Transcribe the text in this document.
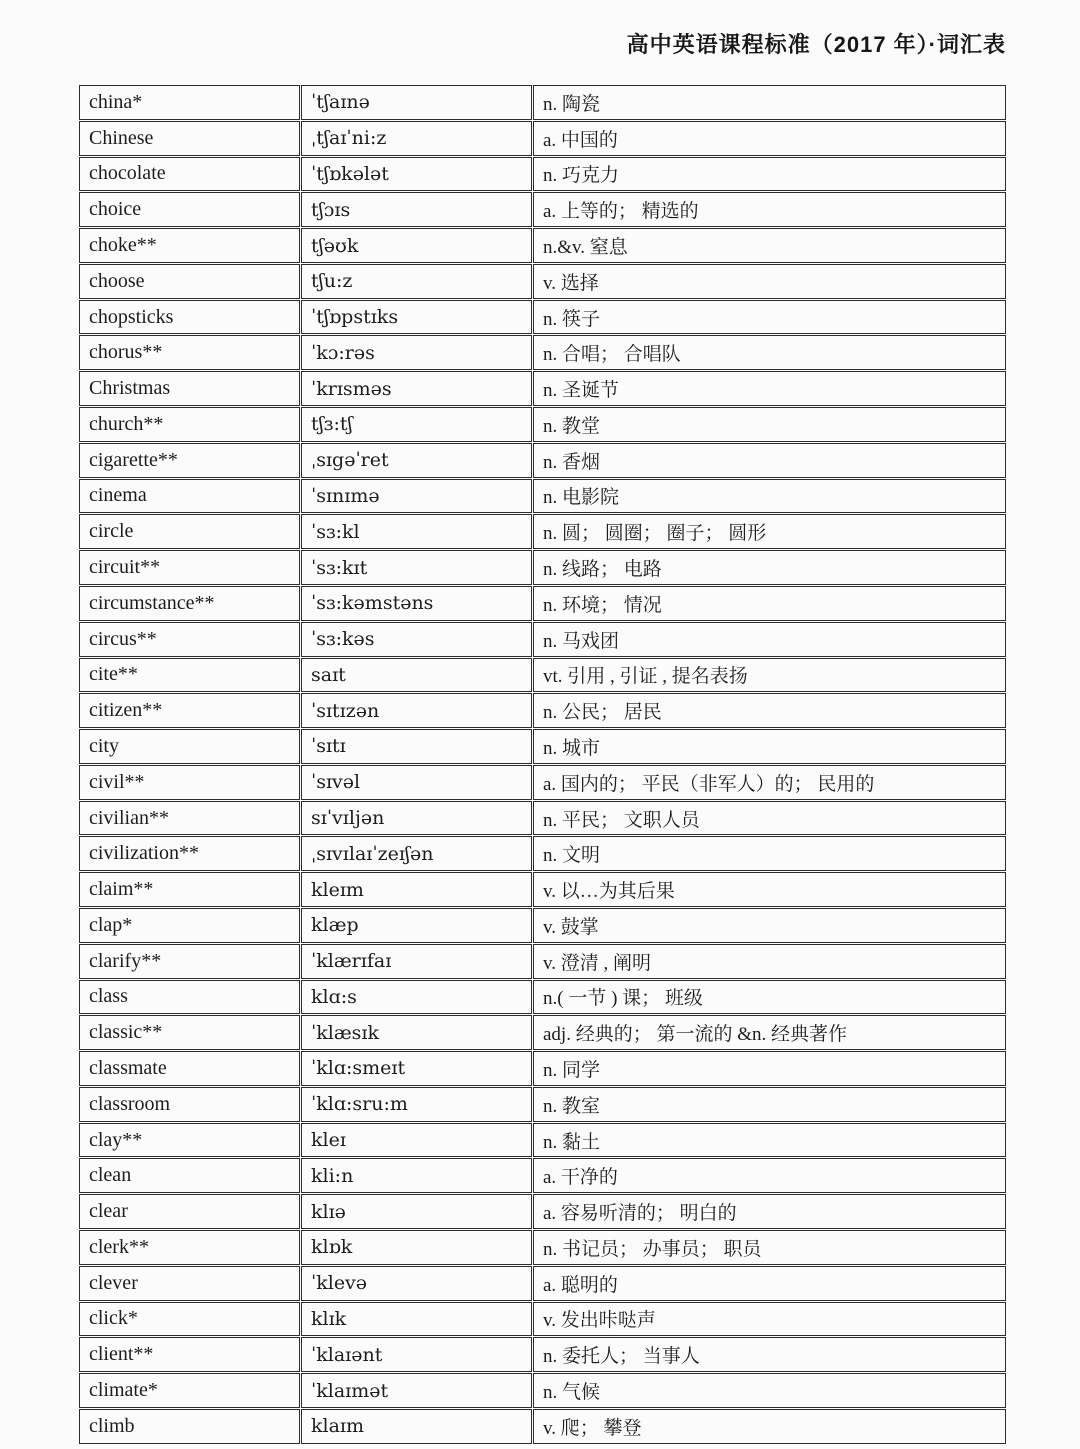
高中英语课程标准（2017 年）·词汇表
china*	ˈtʃaɪnə	n. 陶瓷
Chinese	ˌtʃaɪˈni:z	a. 中国的
chocolate	ˈtʃɒkələt	n. 巧克力
choice	tʃɔɪs	a. 上等的； 精选的
choke**	tʃəʊk	n.&v. 窒息
choose	tʃu:z	v. 选择
chopsticks	ˈtʃɒpstɪks	n. 筷子
chorus**	ˈkɔ:rəs	n. 合唱； 合唱队
Christmas	ˈkrɪsməs	n. 圣诞节
church**	tʃɜ:tʃ	n. 教堂
cigarette**	ˌsɪgəˈret	n. 香烟
cinema	ˈsɪnɪmə	n. 电影院
circle	ˈsɜ:kl	n. 圆； 圆圈； 圈子； 圆形
circuit**	ˈsɜ:kɪt	n. 线路； 电路
circumstance**	ˈsɜ:kəmstəns	n. 环境； 情况
circus**	ˈsɜ:kəs	n. 马戏团
cite**	saɪt	vt. 引用 , 引证 , 提名表扬
citizen**	ˈsɪtɪzən	n. 公民； 居民
city	ˈsɪtɪ	n. 城市
civil**	ˈsɪvəl	a. 国内的； 平民（非军人）的； 民用的
civilian**	sɪˈvɪljən	n. 平民； 文职人员
civilization**	ˌsɪvɪlaɪˈzeɪʃən	n. 文明
claim**	kleɪm	v. 以…为其后果
clap*	klæp	v. 鼓掌
clarify**	ˈklærɪfaɪ	v. 澄清 , 阐明
class	klɑ:s	n.( 一节 ) 课； 班级
classic**	ˈklæsɪk	adj. 经典的； 第一流的 &n. 经典著作
classmate	ˈklɑ:smeɪt	n. 同学
classroom	ˈklɑ:sru:m	n. 教室
clay**	kleɪ	n. 黏土
clean	kli:n	a. 干净的
clear	klɪə	a. 容易听清的； 明白的
clerk**	klɒk	n. 书记员； 办事员； 职员
clever	ˈklevə	a. 聪明的
click*	klɪk	v. 发出咔哒声
client**	ˈklaɪənt	n. 委托人； 当事人
climate*	ˈklaɪmət	n. 气候
climb	klaɪm	v. 爬； 攀登
